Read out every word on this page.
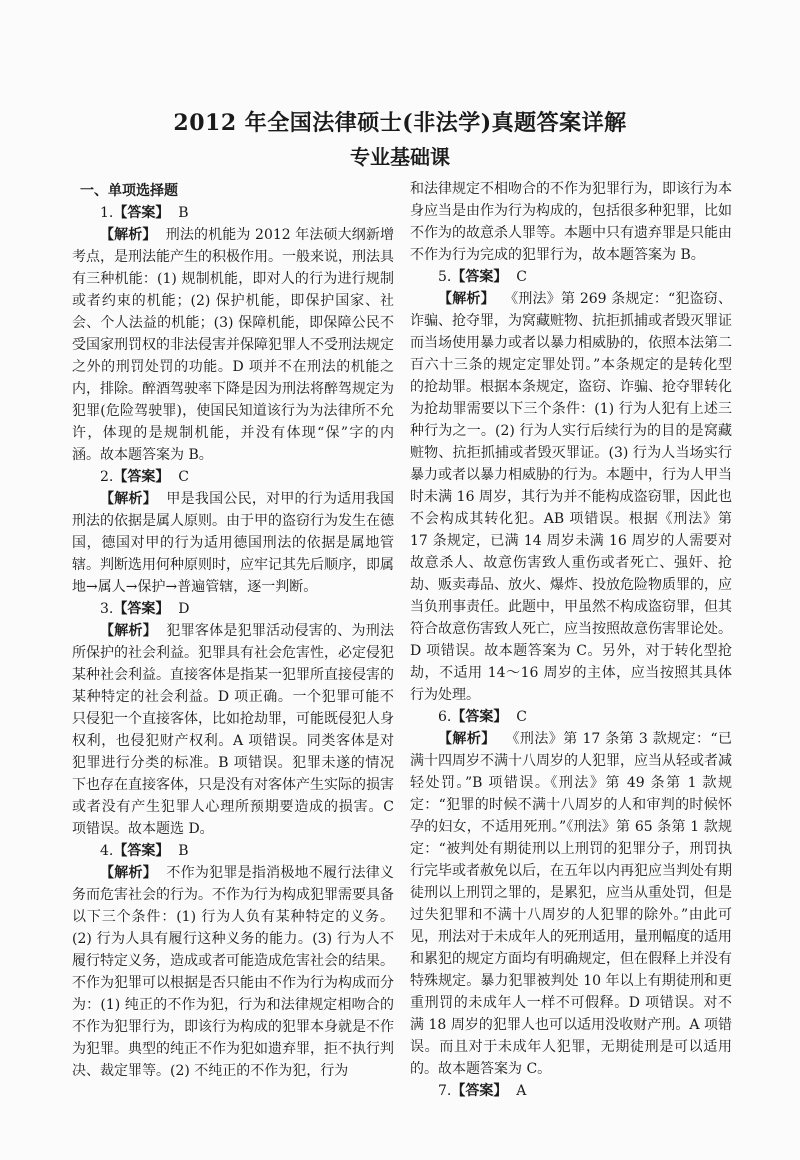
2012 年全国法律硕士(非法学)真题答案详解
专业基础课

一、单项选择题

1.【答案】 B

【解析】 刑法的机能为 2012 年法硕大纲新增考点，是刑法能产生的积极作用。一般来说，刑法具有三种机能：(1) 规制机能，即对人的行为进行规制或者约束的机能；(2) 保护机能，即保护国家、社会、个人法益的机能；(3) 保障机能，即保障公民不受国家刑罚权的非法侵害并保障犯罪人不受刑法规定之外的刑罚处罚的功能。D 项并不在刑法的机能之内，排除。醉酒驾驶率下降是因为刑法将醉驾规定为犯罪(危险驾驶罪)，使国民知道该行为为法律所不允许，体现的是规制机能，并没有体现“保”字的内涵。故本题答案为 B。

2.【答案】 C

【解析】 甲是我国公民，对甲的行为适用我国刑法的依据是属人原则。由于甲的盗窃行为发生在德国，德国对甲的行为适用德国刑法的依据是属地管辖。判断选用何种原则时，应牢记其先后顺序，即属地→属人→保护→普遍管辖，逐一判断。

3.【答案】 D

【解析】 犯罪客体是犯罪活动侵害的、为刑法所保护的社会利益。犯罪具有社会危害性，必定侵犯某种社会利益。直接客体是指某一犯罪所直接侵害的某种特定的社会利益。D 项正确。一个犯罪可能不只侵犯一个直接客体，比如抢劫罪，可能既侵犯人身权利，也侵犯财产权利。A 项错误。同类客体是对犯罪进行分类的标准。B 项错误。犯罪未遂的情况下也存在直接客体，只是没有对客体产生实际的损害或者没有产生犯罪人心理所预期要造成的损害。C 项错误。故本题选 D。

4.【答案】 B

【解析】 不作为犯罪是指消极地不履行法律义务而危害社会的行为。不作为行为构成犯罪需要具备以下三个条件：(1) 行为人负有某种特定的义务。(2) 行为人具有履行这种义务的能力。(3) 行为人不履行特定义务，造成或者可能造成危害社会的结果。不作为犯罪可以根据是否只能由不作为行为构成而分为：(1) 纯正的不作为犯，行为和法律规定相吻合的不作为犯罪行为，即该行为构成的犯罪本身就是不作为犯罪。典型的纯正不作为犯如遗弃罪，拒不执行判决、裁定罪等。(2) 不纯正的不作为犯，行为

和法律规定不相吻合的不作为犯罪行为，即该行为本身应当是由作为行为构成的，包括很多种犯罪，比如不作为的故意杀人罪等。本题中只有遗弃罪是只能由不作为行为完成的犯罪行为，故本题答案为 B。

5.【答案】 C

【解析】 《刑法》第 269 条规定：“犯盗窃、诈骗、抢夺罪，为窝藏赃物、抗拒抓捕或者毁灭罪证而当场使用暴力或者以暴力相威胁的，依照本法第二百六十三条的规定定罪处罚。”本条规定的是转化型的抢劫罪。根据本条规定，盗窃、诈骗、抢夺罪转化为抢劫罪需要以下三个条件：(1) 行为人犯有上述三种行为之一。(2) 行为人实行后续行为的目的是窝藏赃物、抗拒抓捕或者毁灭罪证。(3) 行为人当场实行暴力或者以暴力相威胁的行为。本题中，行为人甲当时未满 16 周岁，其行为并不能构成盗窃罪，因此也不会构成其转化犯。AB 项错误。根据《刑法》第 17 条规定，已满 14 周岁未满 16 周岁的人需要对故意杀人、故意伤害致人重伤或者死亡、强奸、抢劫、贩卖毒品、放火、爆炸、投放危险物质罪的，应当负刑事责任。此题中，甲虽然不构成盗窃罪，但其符合故意伤害致人死亡，应当按照故意伤害罪论处。D 项错误。故本题答案为 C。另外，对于转化型抢劫，不适用 14～16 周岁的主体，应当按照其具体行为处理。

6.【答案】 C

【解析】 《刑法》第 17 条第 3 款规定：“已满十四周岁不满十八周岁的人犯罪，应当从轻或者减轻处罚。”B 项错误。《刑法》第 49 条第 1 款规定：“犯罪的时候不满十八周岁的人和审判的时候怀孕的妇女，不适用死刑。”《刑法》第 65 条第 1 款规定：“被判处有期徒刑以上刑罚的犯罪分子，刑罚执行完毕或者赦免以后，在五年以内再犯应当判处有期徒刑以上刑罚之罪的，是累犯，应当从重处罚，但是过失犯罪和不满十八周岁的人犯罪的除外。”由此可见，刑法对于未成年人的死刑适用，量刑幅度的适用和累犯的规定方面均有明确规定，但在假释上并没有特殊规定。暴力犯罪被判处 10 年以上有期徒刑和更重刑罚的未成年人一样不可假释。D 项错误。对不满 18 周岁的犯罪人也可以适用没收财产刑。A 项错误。而且对于未成年人犯罪，无期徒刑是可以适用的。故本题答案为 C。

7.【答案】 A
